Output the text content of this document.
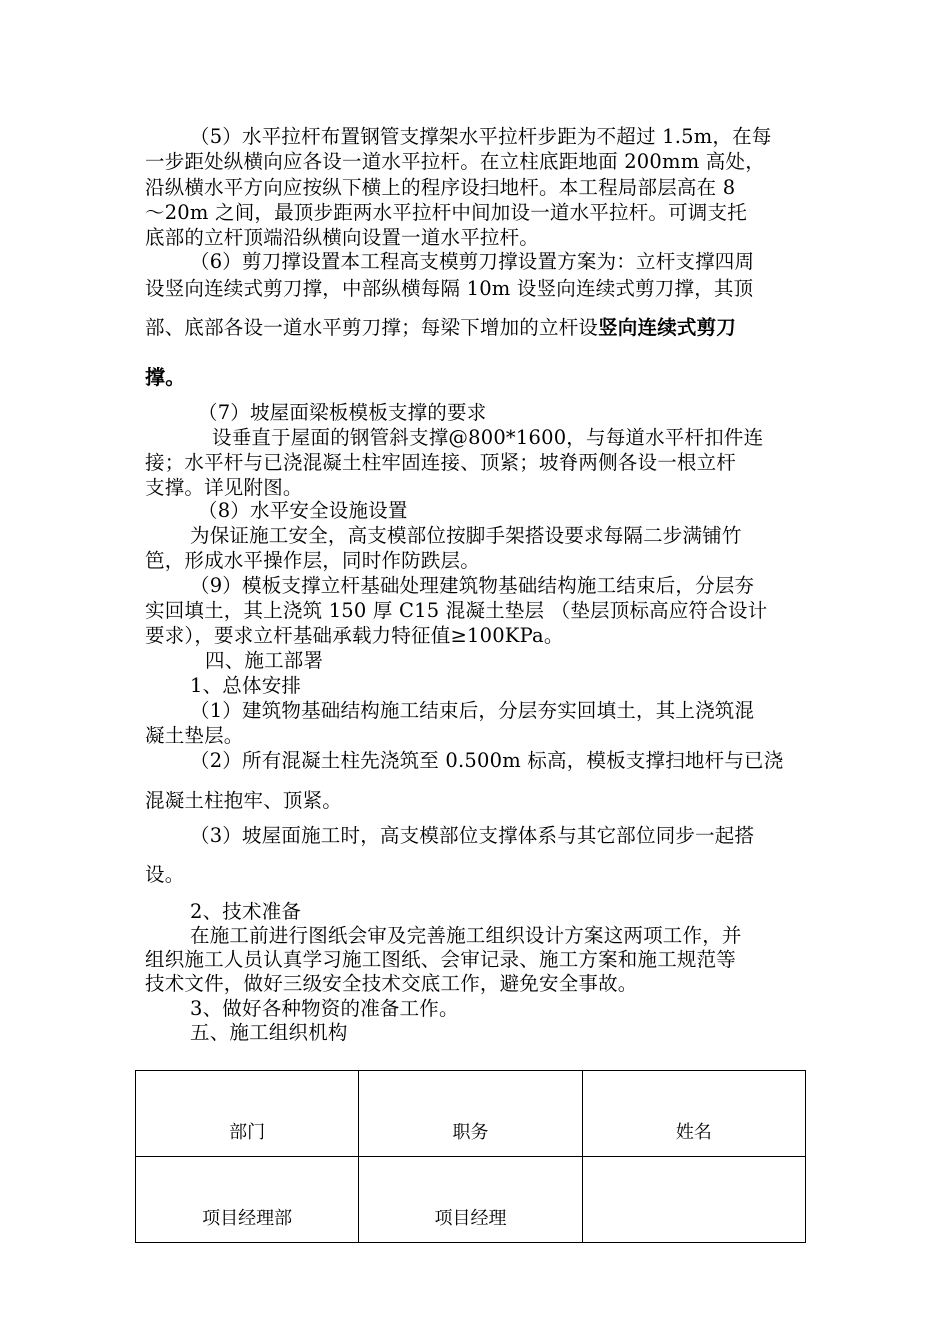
（5）水平拉杆布置钢管支撑架水平拉杆步距为不超过 1.5m，在每
一步距处纵横向应各设一道水平拉杆。在立柱底距地面 200mm 高处，
沿纵横水平方向应按纵下横上的程序设扫地杆。本工程局部层高在 8
～20m 之间，最顶步距两水平拉杆中间加设一道水平拉杆。可调支托
底部的立杆顶端沿纵横向设置一道水平拉杆。
（6）剪刀撑设置本工程高支模剪刀撑设置方案为：立杆支撑四周
设竖向连续式剪刀撑，中部纵横每隔 10m 设竖向连续式剪刀撑，其顶
部、底部各设一道水平剪刀撑；每梁下增加的立杆设竖向连续式剪刀
撑。
（7）坡屋面梁板模板支撑的要求
设垂直于屋面的钢管斜支撑@800*1600，与每道水平杆扣件连
接；水平杆与已浇混凝土柱牢固连接、顶紧；坡脊两侧各设一根立杆
支撑。详见附图。
（8）水平安全设施设置
为保证施工安全，高支模部位按脚手架搭设要求每隔二步满铺竹
笆，形成水平操作层，同时作防跌层。
（9）模板支撑立杆基础处理建筑物基础结构施工结束后，分层夯
实回填土，其上浇筑 150 厚 C15 混凝土垫层 （垫层顶标高应符合设计
要求），要求立杆基础承载力特征值≥100KPa。
四、施工部署
1、总体安排
（1）建筑物基础结构施工结束后，分层夯实回填土，其上浇筑混
凝土垫层。
（2）所有混凝土柱先浇筑至 0.500m 标高，模板支撑扫地杆与已浇
混凝土柱抱牢、顶紧。
（3）坡屋面施工时，高支模部位支撑体系与其它部位同步一起搭
设。
2、技术准备
在施工前进行图纸会审及完善施工组织设计方案这两项工作，并
组织施工人员认真学习施工图纸、会审记录、施工方案和施工规范等
技术文件，做好三级安全技术交底工作，避免安全事故。
3、做好各种物资的准备工作。
五、施工组织机构
部门	职务	姓名
项目经理部	项目经理	
